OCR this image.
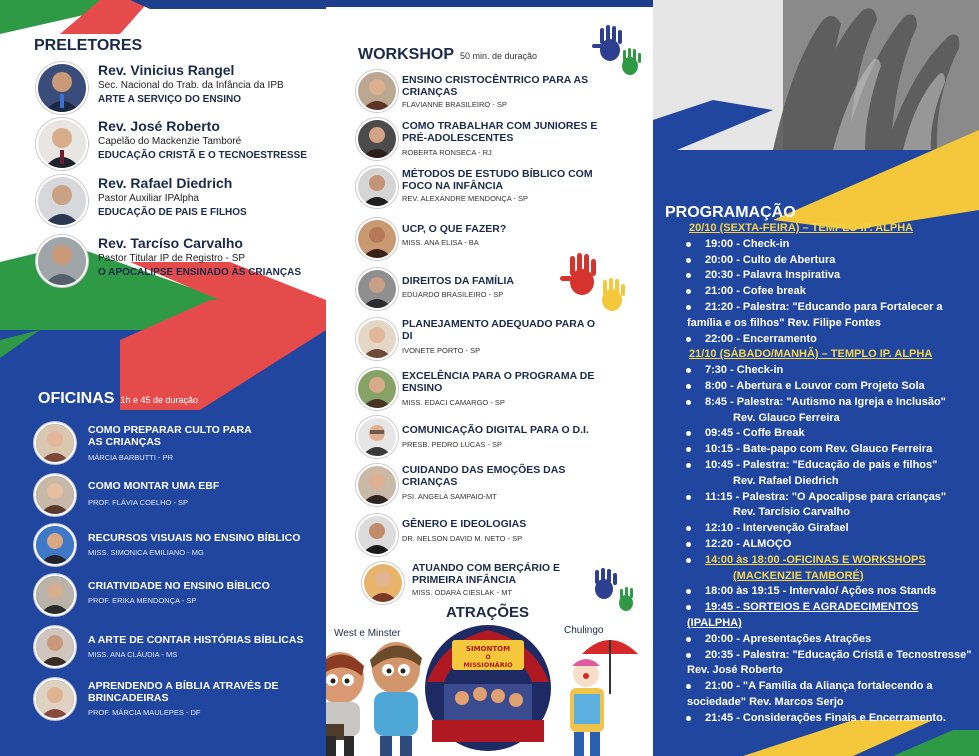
PRELETORES
Rev. Vinicius Rangel
Sec. Nacional do Trab. da Infância da IPB
ARTE A SERVIÇO DO ENSINO
Rev. José Roberto
Capelão do Mackenzie Tamboré
EDUCAÇÃO CRISTÃ E O TECNOESTRESSE
Rev. Rafael Diedrich
Pastor Auxiliar IPAlpha
EDUCAÇÃO DE PAIS E FILHOS
Rev. Tarcíso Carvalho
Pastor Titular IP de Registro - SP
O APOCALIPSE ENSINADO ÀS CRIANÇAS
OFICINAS 1h e 45 de duração
COMO PREPARAR CULTO PARA AS CRIANÇAS
MÁRCIA BARBUTTI - PR
COMO MONTAR UMA EBF
PROF. FLÁVIA COELHO - SP
RECURSOS VISUAIS NO ENSINO BÍBLICO
MISS. SIMONICA EMILIANO - MG
CRIATIVIDADE NO ENSINO BÍBLICO
PROF. ERIKA MENDONÇA - SP
A ARTE DE CONTAR HISTÓRIAS BÍBLICAS
MISS. ANA CLÁUDIA - MS
APRENDENDO A BÍBLIA ATRAVÉS DE BRINCADEIRAS
PROF. MÁRCIA MAULEPES - DF
WORKSHOP 50 min. de duração
ENSINO CRISTOCÊNTRICO PARA AS CRIANÇAS
FLAVIANNE BRASILEIRO - SP
COMO TRABALHAR COM JUNIORES E PRÉ-ADOLESCENTES
ROBERTA RONSECA - RJ
MÉTODOS DE ESTUDO BÍBLICO COM FOCO NA INFÂNCIA
REV. ALEXANDRE MENDONÇA - SP
UCP, O QUE FAZER?
MISS. ANA ELISA - BA
DIREITOS DA FAMÍLIA
EDUARDO BRASILEIRO - SP
PLANEJAMENTO ADEQUADO PARA O DI
IVONETE PORTO - SP
EXCELÊNCIA PARA O PROGRAMA DE ENSINO
MISS. EDACI CAMARGO - SP
COMUNICAÇÃO DIGITAL PARA O D.I.
PRESB. PEDRO LUCAS - SP
CUIDANDO DAS EMOÇÕES DAS CRIANÇAS
PSI. ANGELA SAMPAIO-MT
GÊNERO E IDEOLOGIAS
DR. NELSON DAVID M. NETO - SP
ATUANDO COM BERÇÁRIO E PRIMEIRA INFÂNCIA
MISS. ODARA CIESLAK - MT
ATRAÇÕES
West e Minster	Chulingo
SIMONTOM
O
MISSIONÁRIO
PROGRAMAÇÃO
20/10 (SEXTA-FEIRA) – TEMPLO IP. ALPHA
19:00 - Check-in
20:00 - Culto de Abertura
20:30 - Palavra Inspirativa
21:00 - Cofee break
21:20 - Palestra: "Educando para Fortalecer a
família e os filhos" Rev. Filipe Fontes
22:00 - Encerramento
21/10 (SÁBADO/MANHÃ) – TEMPLO IP. ALPHA
7:30 - Check-in
8:00 - Abertura e Louvor com Projeto Sola
8:45 - Palestra: "Autismo na Igreja e Inclusão"
Rev. Glauco Ferreira
09:45 - Coffe Break
10:15 - Bate-papo com Rev. Glauco Ferreira
10:45 - Palestra: "Educação de pais e filhos"
Rev. Rafael Diedrich
11:15 - Palestra: "O Apocalipse para crianças"
Rev. Tarcísio Carvalho
12:10 - Intervenção Girafael
12:20 - ALMOÇO
14:00 às 18:00 -OFICINAS E WORKSHOPS
(MACKENZIE TAMBORÉ)
18:00 às 19:15 - Intervalo/ Ações nos Stands
19:45 - SORTEIOS E AGRADECIMENTOS
(IPALPHA)
20:00 - Apresentações Atrações
20:35 - Palestra: "Educação Cristã e Tecnostresse"
Rev. José Roberto
21:00 - "A Família da Aliança fortalecendo a
sociedade" Rev. Marcos Serjo
21:45 - Considerações Finais e Encerramento.
